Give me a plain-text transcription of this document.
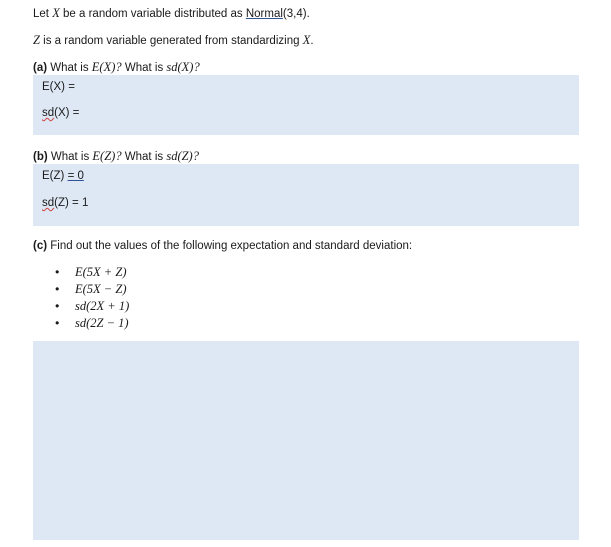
Let X be a random variable distributed as Normal(3,4).
Z is a random variable generated from standardizing X.
(a) What is E(X)? What is sd(X)?
E(X) =
sd(X) =
(b) What is E(Z)? What is sd(Z)?
E(Z) = 0
sd(Z) = 1
(c) Find out the values of the following expectation and standard deviation:
• E(5X + Z)
• E(5X − Z)
• sd(2X + 1)
• sd(2Z − 1)
